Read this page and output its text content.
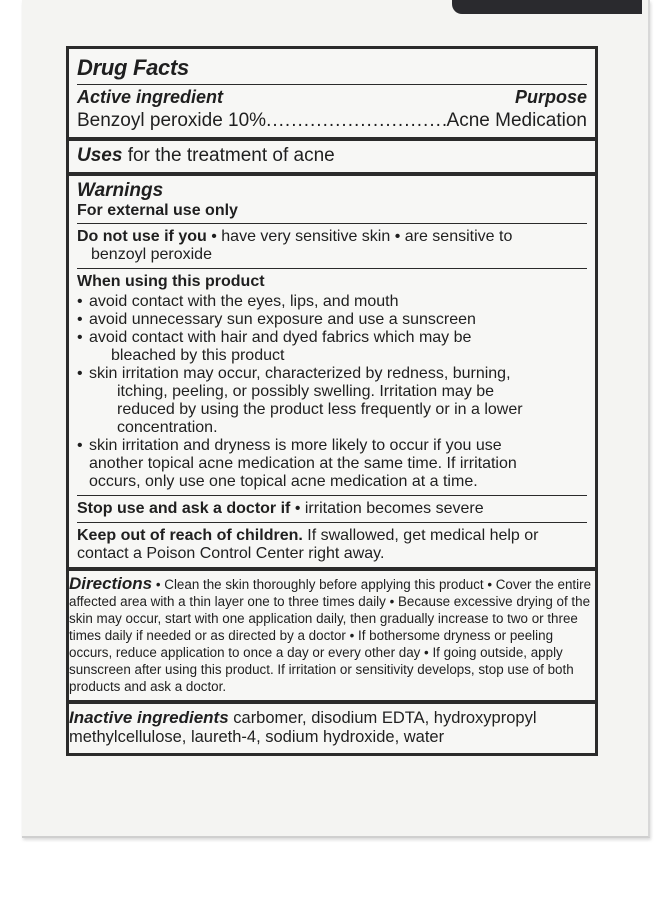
Drug Facts
Active ingredient	Purpose
Benzoyl peroxide 10%
.....	Acne Medication
Uses for the treatment of acne
Warnings
For external use only
Do not use if you • have very sensitive skin • are sensitive to
benzoyl peroxide
When using this product
• avoid contact with the eyes, lips, and mouth
• avoid unnecessary sun exposure and use a sunscreen
• avoid contact with hair and dyed fabrics which may be
bleached by this product
• skin irritation may occur, characterized by redness, burning,
itching, peeling, or possibly swelling. Irritation may be
reduced by using the product less frequently or in a lower
concentration.
• skin irritation and dryness is more likely to occur if you use
another topical acne medication at the same time. If irritation
occurs, only use one topical acne medication at a time.
Stop use and ask a doctor if • irritation becomes severe
Keep out of reach of children. If swallowed, get medical help or
contact a Poison Control Center right away.
Directions • Clean the skin thoroughly before applying this product • Cover the entire affected area with a thin layer one to three times daily • Because excessive drying of the skin may occur, start with one application daily, then gradually increase to two or three times daily if needed or as directed by a doctor • If bothersome dryness or peeling occurs, reduce application to once a day or every other day • If going outside, apply sunscreen after using this product. If irritation or sensitivity develops, stop use of both products and ask a doctor.
Inactive ingredients carbomer, disodium EDTA, hydroxypropyl methylcellulose, laureth-4, sodium hydroxide, water
